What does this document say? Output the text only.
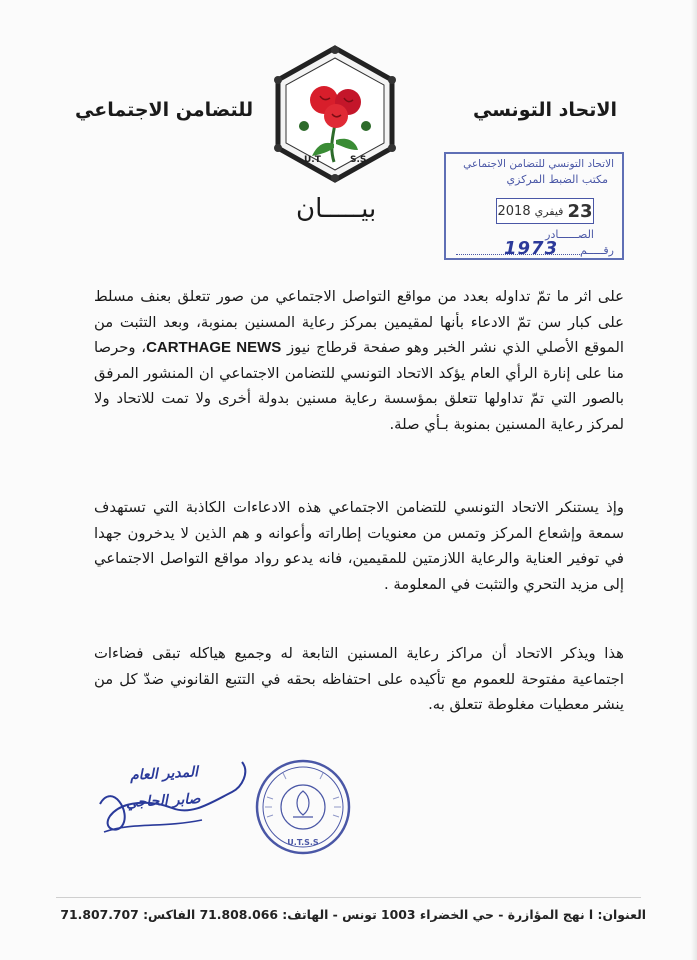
الاتحاد التونسي
للتضامن الاجتماعي
U.T	S.S
بيـــــان
الاتحاد التونسي للتضامن الاجتماعي
مكتب الضبط المركزي
23
فيفري
2018
الصــــــادر
رقـــــم
1973
على اثر ما تمّ تداوله بعدد من مواقع التواصل الاجتماعي من صور تتعلق بعنف مسلط على كبار سن تمّ الادعاء بأنها لمقيمين بمركز رعاية المسنين بمنوبة، وبعد التثبت من الموقع الأصلي الذي نشر الخبر وهو صفحة قرطاج نيوز CARTHAGE NEWS، وحرصا منا على إنارة الرأي العام يؤكد الاتحاد التونسي للتضامن الاجتماعي ان المنشور المرفق بالصور التي تمّ تداولها تتعلق بمؤسسة رعاية مسنين بدولة أخرى ولا تمت للاتحاد ولا لمركز رعاية المسنين بمنوبة بـأي صلة.
وإذ يستنكر الاتحاد التونسي للتضامن الاجتماعي هذه الادعاءات الكاذبة التي تستهدف سمعة وإشعاع المركز وتمس من معنويات إطاراته وأعوانه و هم الذين لا يدخرون جهدا في توفير العناية والرعاية اللازمتين للمقيمين، فانه يدعو رواد مواقع التواصل الاجتماعي إلى مزيد التحري والتثبت في المعلومة .
هذا ويذكر الاتحاد أن مراكز رعاية المسنين التابعة له وجميع هياكله تبقى فضاءات اجتماعية مفتوحة للعموم مع تأكيده على احتفاظه بحقه في التتبع القانوني ضدّ كل من ينشر معطيات مغلوطة تتعلق به.
المدير العام
صابر الحاجي
U.T.S.S
العنوان: ا نهج المؤازرة - حي الخضراء 1003 تونس - الهاتف: 71.808.066 الفاكس: 71.807.707
